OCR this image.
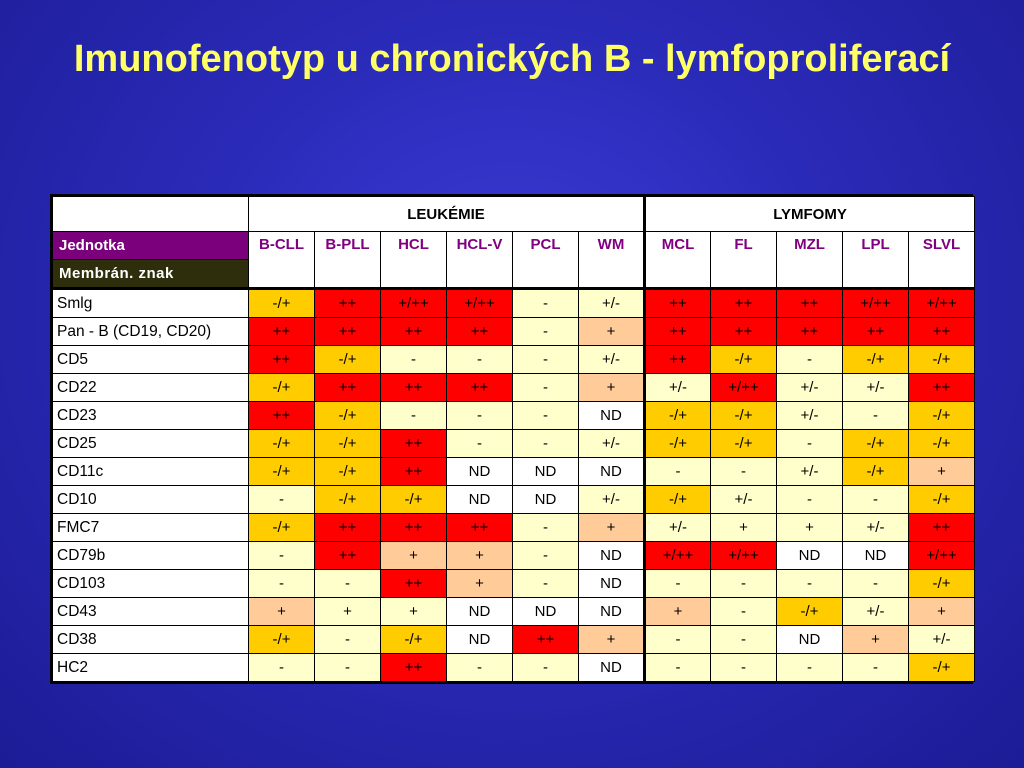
Imunofenotyp u chronických B - lymfoproliferací
	LEUKÉMIE						LYMFOMY				
Jednotka	B-CLL	B-PLL	HCL	HCL-V	PCL	WM	MCL	FL	MZL	LPL	SLVL
Membrán. znak											
Smlg	-/+	++	+/++	+/++	-	+/-	++	++	++	+/++	+/++
Pan - B (CD19, CD20)	++	++	++	++	-	+	++	++	++	++	++
CD5	++	-/+	-	-	-	+/-	++	-/+	-	-/+	-/+
CD22	-/+	++	++	++	-	+	+/-	+/++	+/-	+/-	++
CD23	++	-/+	-	-	-	ND	-/+	-/+	+/-	-	-/+
CD25	-/+	-/+	++	-	-	+/-	-/+	-/+	-	-/+	-/+
CD11c	-/+	-/+	++	ND	ND	ND	-	-	+/-	-/+	+
CD10	-	-/+	-/+	ND	ND	+/-	-/+	+/-	-	-	-/+
FMC7	-/+	++	++	++	-	+	+/-	+	+	+/-	++
CD79b	-	++	+	+	-	ND	+/++	+/++	ND	ND	+/++
CD103	-	-	++	+	-	ND	-	-	-	-	-/+
CD43	+	+	+	ND	ND	ND	+	-	-/+	+/-	+
CD38	-/+	-	-/+	ND	++	+	-	-	ND	+	+/-
HC2	-	-	++	-	-	ND	-	-	-	-	-/+
